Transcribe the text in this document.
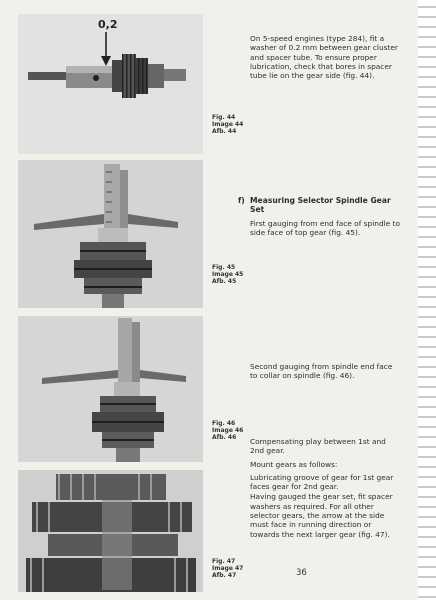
0,2
Fig. 44
Image 44
Afb. 44
Fig. 45
Image 45
Afb. 45
Fig. 46
Image 46
Afb. 46
Fig. 47
Image 47
Afb. 47

On 5-speed engines (type 284), fit a washer of 0.2 mm between gear cluster and spacer tube. To ensure proper lubrication, check that bores in spacer tube lie on the gear side (fig. 44).

f) Measuring Selector Spindle Gear Set

First gauging from end face of spindle to side face of top gear (fig. 45).

Second gauging from spindle end face to collar on spindle (fig. 46).

Compensating play between 1st and 2nd gear.

Mount gears as follows:

Lubricating groove of gear for 1st gear faces gear for 2nd gear.

Having gauged the gear set, fit spacer washers as required. For all other selector gears, the arrow at the side must face in running direction or towards the next larger gear (fig. 47).

36
